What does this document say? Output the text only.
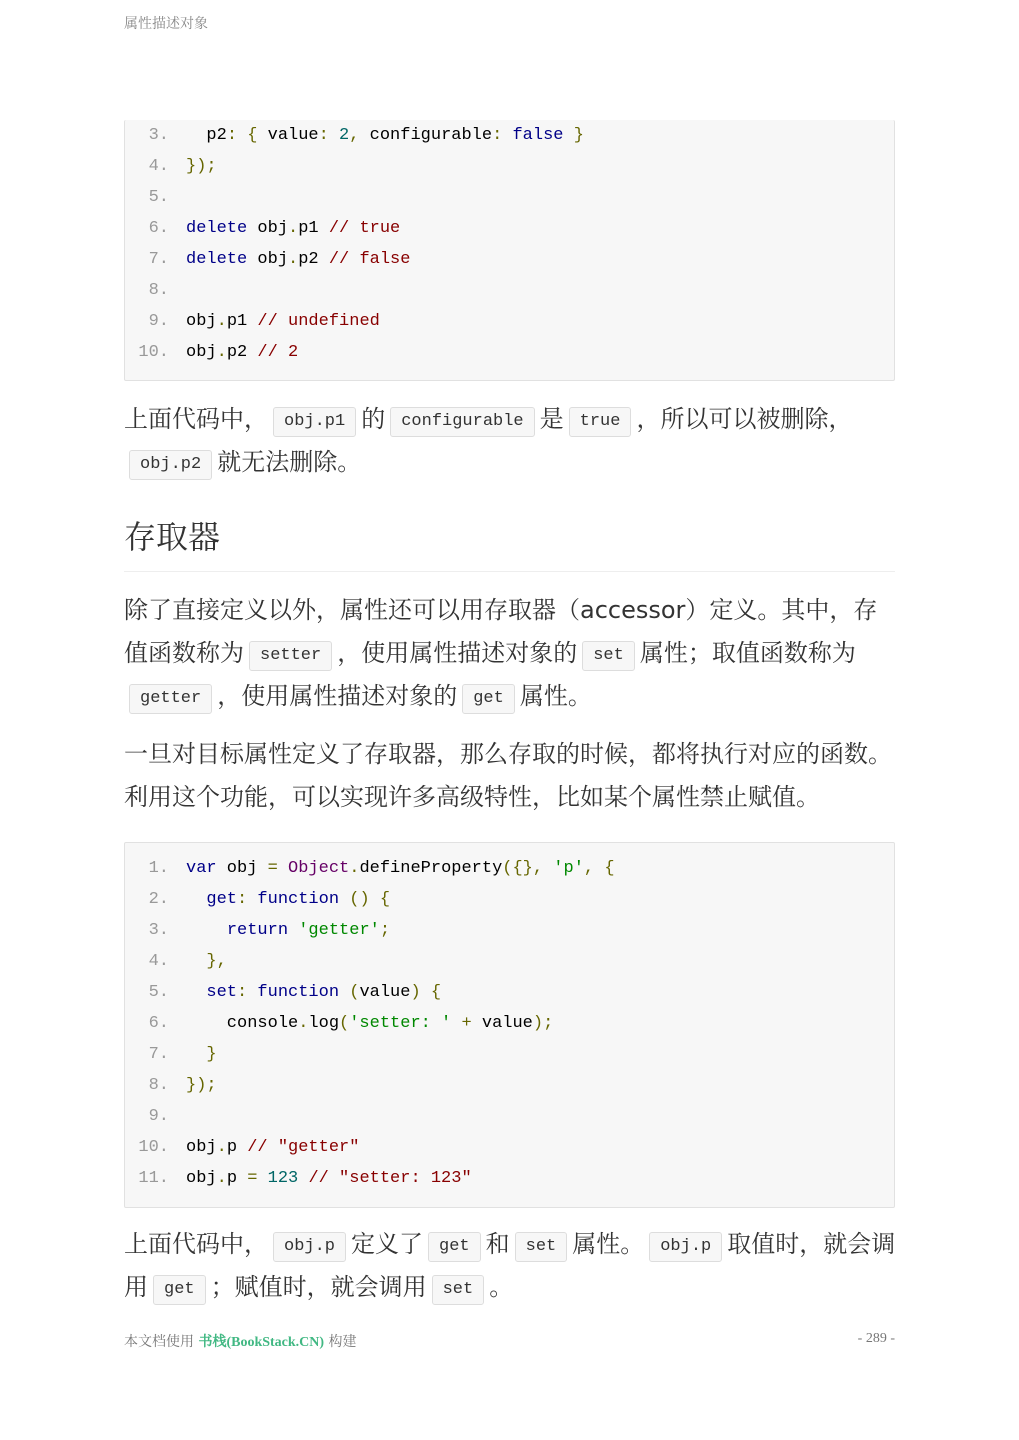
属性描述对象
3.  p2: { value: 2, configurable: false }
4. });
5.
6. delete obj.p1 // true
7. delete obj.p2 // false
8.
9. obj.p1 // undefined
10. obj.p2 // 2
上面代码中， obj.p1 的 configurable 是 true ，所以可以被删除，obj.p2 就无法删除。
存取器
除了直接定义以外，属性还可以用存取器（accessor）定义。其中，存值函数称为 setter ，使用属性描述对象的 set 属性；取值函数称为getter ，使用属性描述对象的 get 属性。
一旦对目标属性定义了存取器，那么存取的时候，都将执行对应的函数。利用这个功能，可以实现许多高级特性，比如某个属性禁止赋值。
1. var obj = Object.defineProperty({}, 'p', {
2. get: function () {
3.	return 'getter';
4. },
5. set: function (value) {
6.    console.log('setter: ' + value);
7. }
8. });
9.
10. obj.p // "getter"
11. obj.p = 123 // "setter: 123"
上面代码中， obj.p 定义了 get 和 set 属性。 obj.p 取值时，就会调用 get ；赋值时，就会调用 set 。
本文档使用 书栈(BookStack.CN) 构建	- 289 -
